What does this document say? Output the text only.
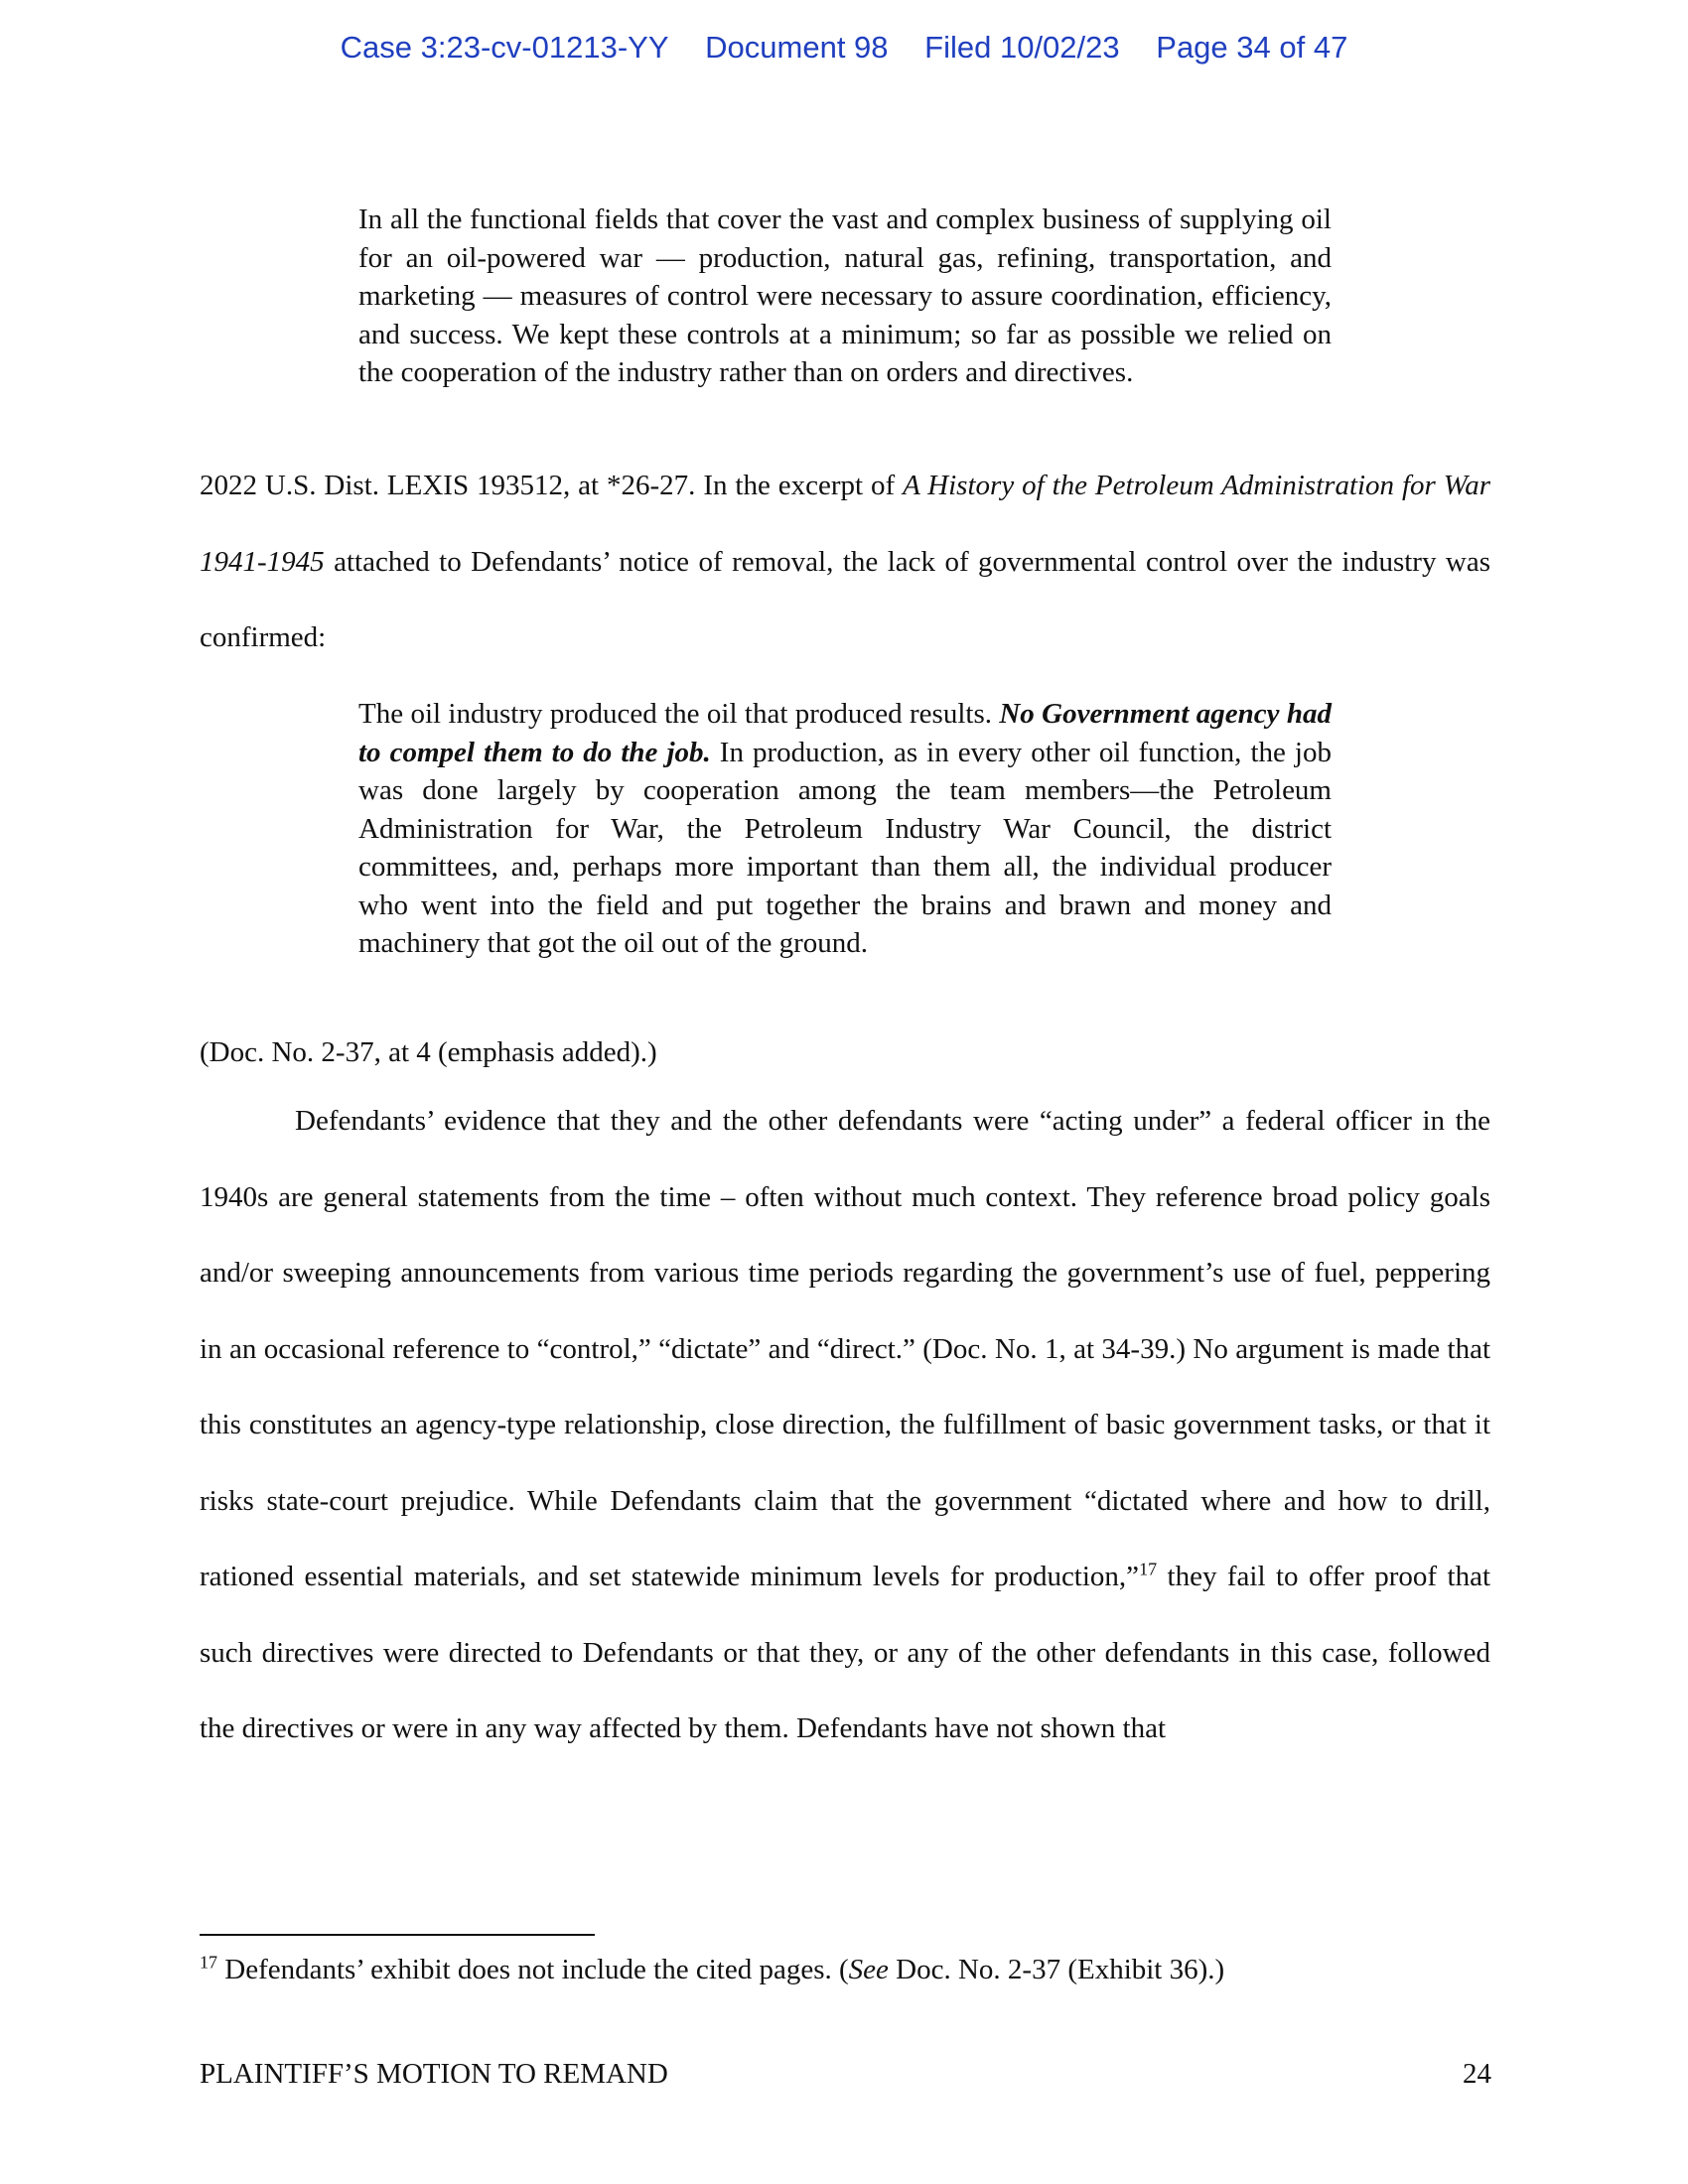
Case 3:23-cv-01213-YY Document 98 Filed 10/02/23 Page 34 of 47
In all the functional fields that cover the vast and complex business of supplying oil for an oil-powered war — production, natural gas, refining, transportation, and marketing — measures of control were necessary to assure coordination, efficiency, and success. We kept these controls at a minimum; so far as possible we relied on the cooperation of the industry rather than on orders and directives.
2022 U.S. Dist. LEXIS 193512, at *26-27. In the excerpt of A History of the Petroleum Administration for War 1941-1945 attached to Defendants’ notice of removal, the lack of governmental control over the industry was confirmed:
The oil industry produced the oil that produced results. No Government agency had to compel them to do the job. In production, as in every other oil function, the job was done largely by cooperation among the team members—the Petroleum Administration for War, the Petroleum Industry War Council, the district committees, and, perhaps more important than them all, the individual producer who went into the field and put together the brains and brawn and money and machinery that got the oil out of the ground.
(Doc. No. 2-37, at 4 (emphasis added).)
Defendants’ evidence that they and the other defendants were “acting under” a federal officer in the 1940s are general statements from the time – often without much context. They reference broad policy goals and/or sweeping announcements from various time periods regarding the government’s use of fuel, peppering in an occasional reference to “control,” “dictate” and “direct.” (Doc. No. 1, at 34-39.) No argument is made that this constitutes an agency-type relationship, close direction, the fulfillment of basic government tasks, or that it risks state-court prejudice. While Defendants claim that the government “dictated where and how to drill, rationed essential materials, and set statewide minimum levels for production,”$^{17}$ they fail to offer proof that such directives were directed to Defendants or that they, or any of the other defendants in this case, followed the directives or were in any way affected by them. Defendants have not shown that
$^{17}$ Defendants’ exhibit does not include the cited pages. (See Doc. No. 2-37 (Exhibit 36).)
PLAINTIFF’S MOTION TO REMAND	24
